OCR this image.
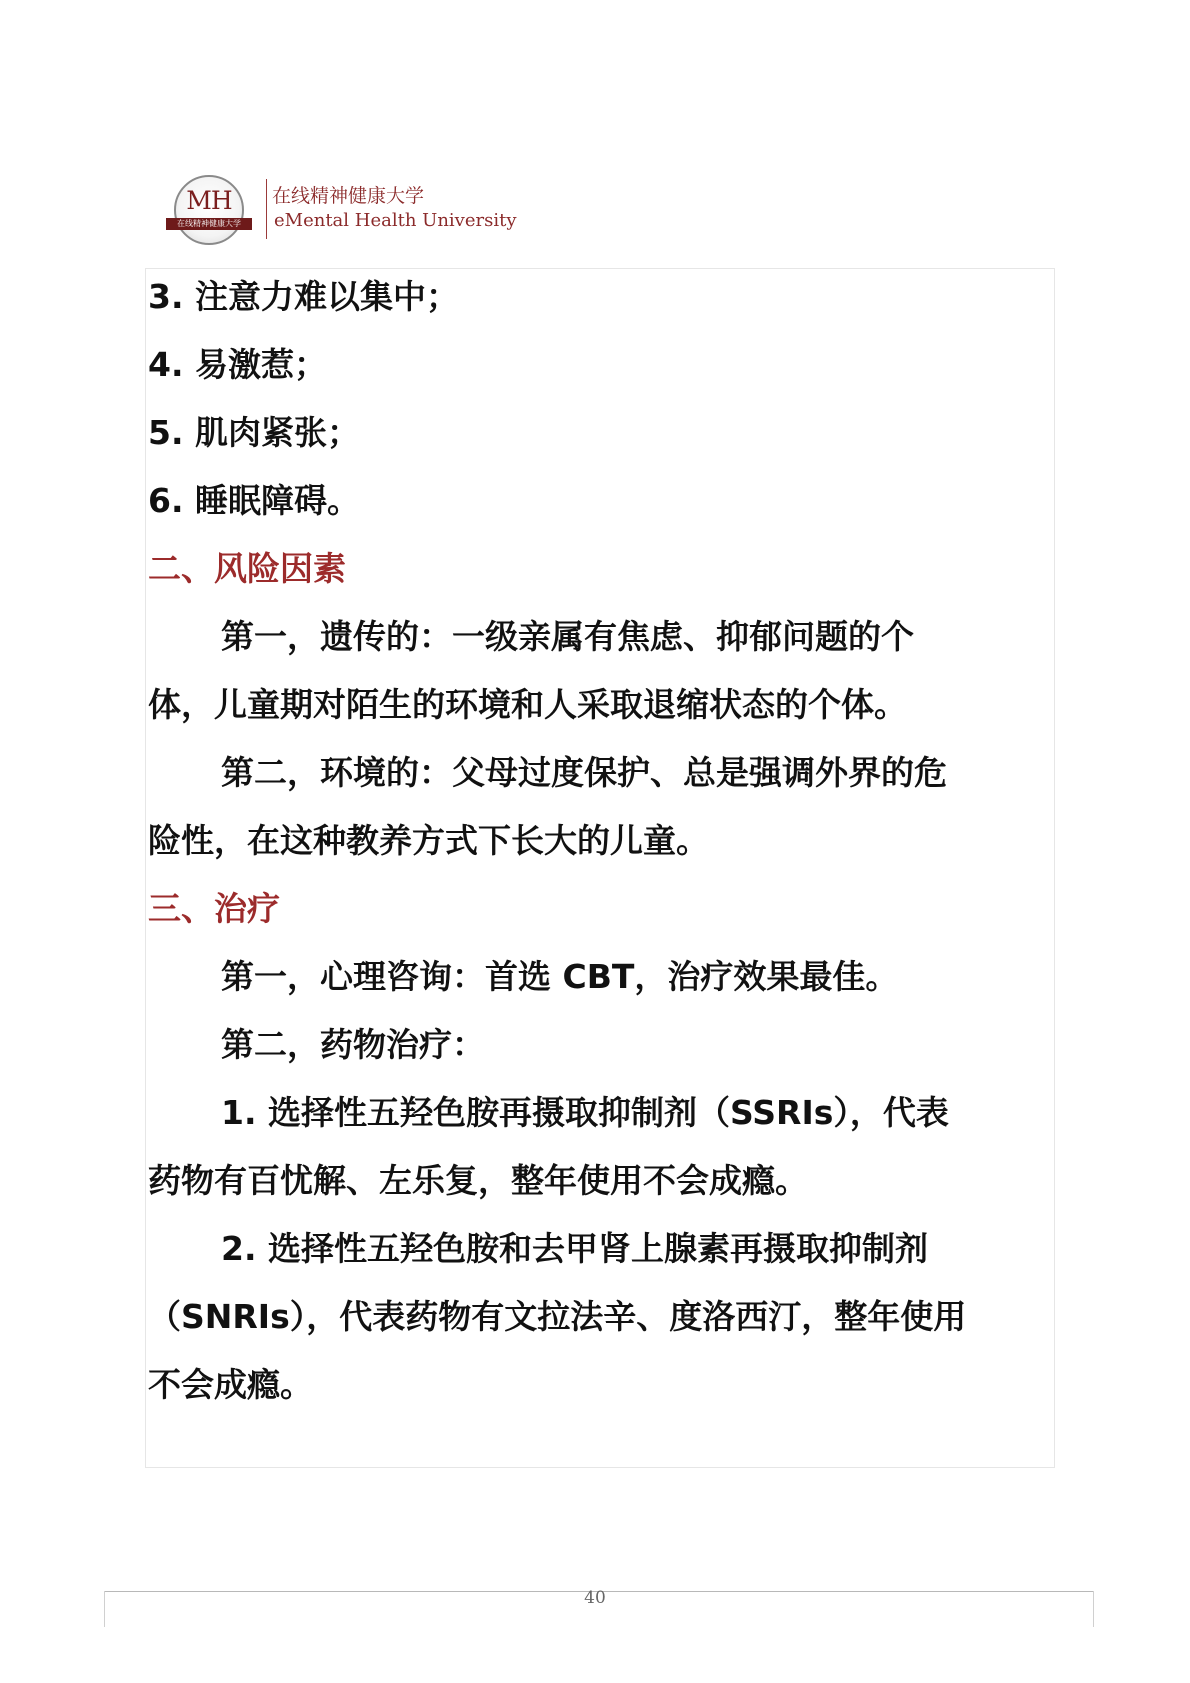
MH
在线精神健康大学
在线精神健康大学
eMental Health University
3. 注意力难以集中；
4. 易激惹；
5. 肌肉紧张；
6. 睡眠障碍。
二、风险因素
第一，遗传的：一级亲属有焦虑、抑郁问题的个
体，儿童期对陌生的环境和人采取退缩状态的个体。
第二，环境的：父母过度保护、总是强调外界的危
险性，在这种教养方式下长大的儿童。
三、治疗
第一，心理咨询：首选 CBT，治疗效果最佳。
第二，药物治疗：
1. 选择性五羟色胺再摄取抑制剂（SSRIs），代表
药物有百忧解、左乐复，整年使用不会成瘾。
2. 选择性五羟色胺和去甲肾上腺素再摄取抑制剂
（SNRIs），代表药物有文拉法辛、度洛西汀，整年使用
不会成瘾。
40
